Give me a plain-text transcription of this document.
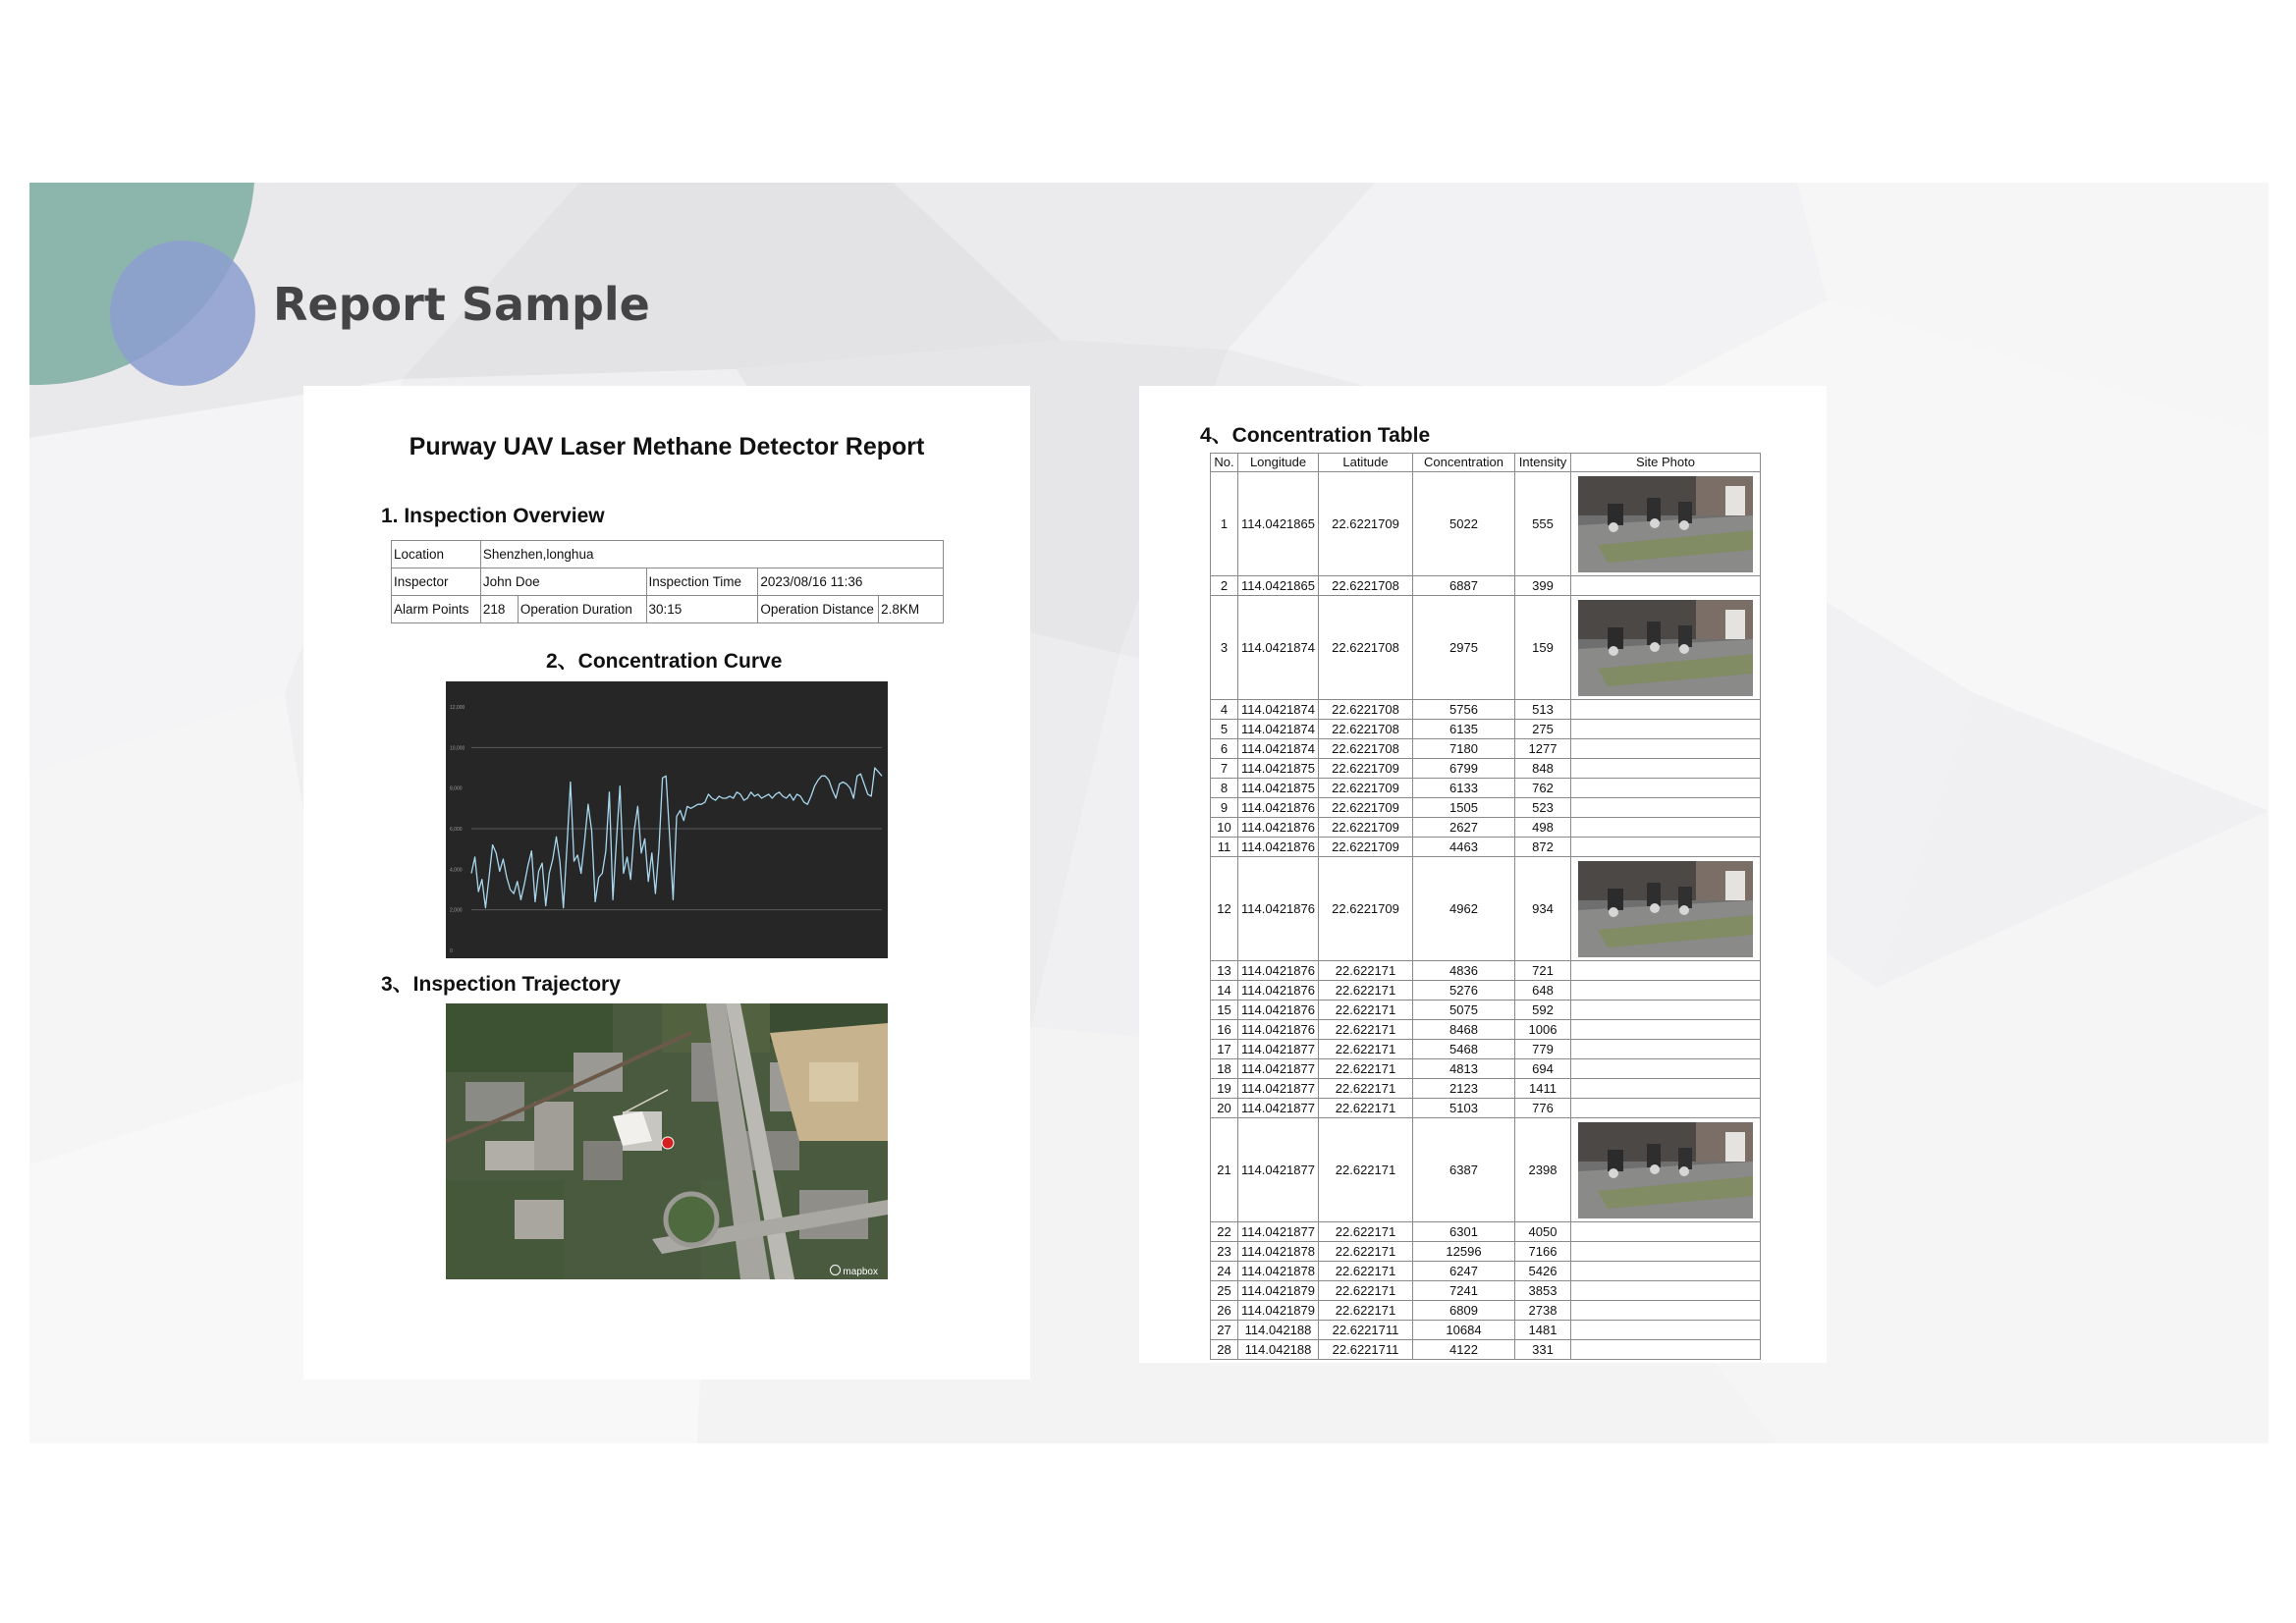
Report Sample
Purway UAV Laser Methane Detector Report
1. Inspection Overview
Location	Shenzhen,longhua				
Inspector	John Doe		Inspection Time	2023/08/16 11:36	
Alarm Points	218	Operation Duration	30:15	Operation Distance	2.8KM
2、Concentration Curve
0
2,000
4,000
6,000
8,000
10,000
12,000
3、Inspection Trajectory
mapbox
4、Concentration Table
No.	Longitude	Latitude	Concentration	Intensity	Site Photo
1	114.0421865	22.6221709	5022	555	

2	114.0421865	22.6221708	6887	399	
3	114.0421874	22.6221708	2975	159	

4	114.0421874	22.6221708	5756	513	
5	114.0421874	22.6221708	6135	275	
6	114.0421874	22.6221708	7180	1277	
7	114.0421875	22.6221709	6799	848	
8	114.0421875	22.6221709	6133	762	
9	114.0421876	22.6221709	1505	523	
10	114.0421876	22.6221709	2627	498	
11	114.0421876	22.6221709	4463	872	
12	114.0421876	22.6221709	4962	934	

13	114.0421876	22.622171	4836	721	
14	114.0421876	22.622171	5276	648	
15	114.0421876	22.622171	5075	592	
16	114.0421876	22.622171	8468	1006	
17	114.0421877	22.622171	5468	779	
18	114.0421877	22.622171	4813	694	
19	114.0421877	22.622171	2123	1411	
20	114.0421877	22.622171	5103	776	
21	114.0421877	22.622171	6387	2398	

22	114.0421877	22.622171	6301	4050	
23	114.0421878	22.622171	12596	7166	
24	114.0421878	22.622171	6247	5426	
25	114.0421879	22.622171	7241	3853	
26	114.0421879	22.622171	6809	2738	
27	114.042188	22.6221711	10684	1481	
28	114.042188	22.6221711	4122	331	
